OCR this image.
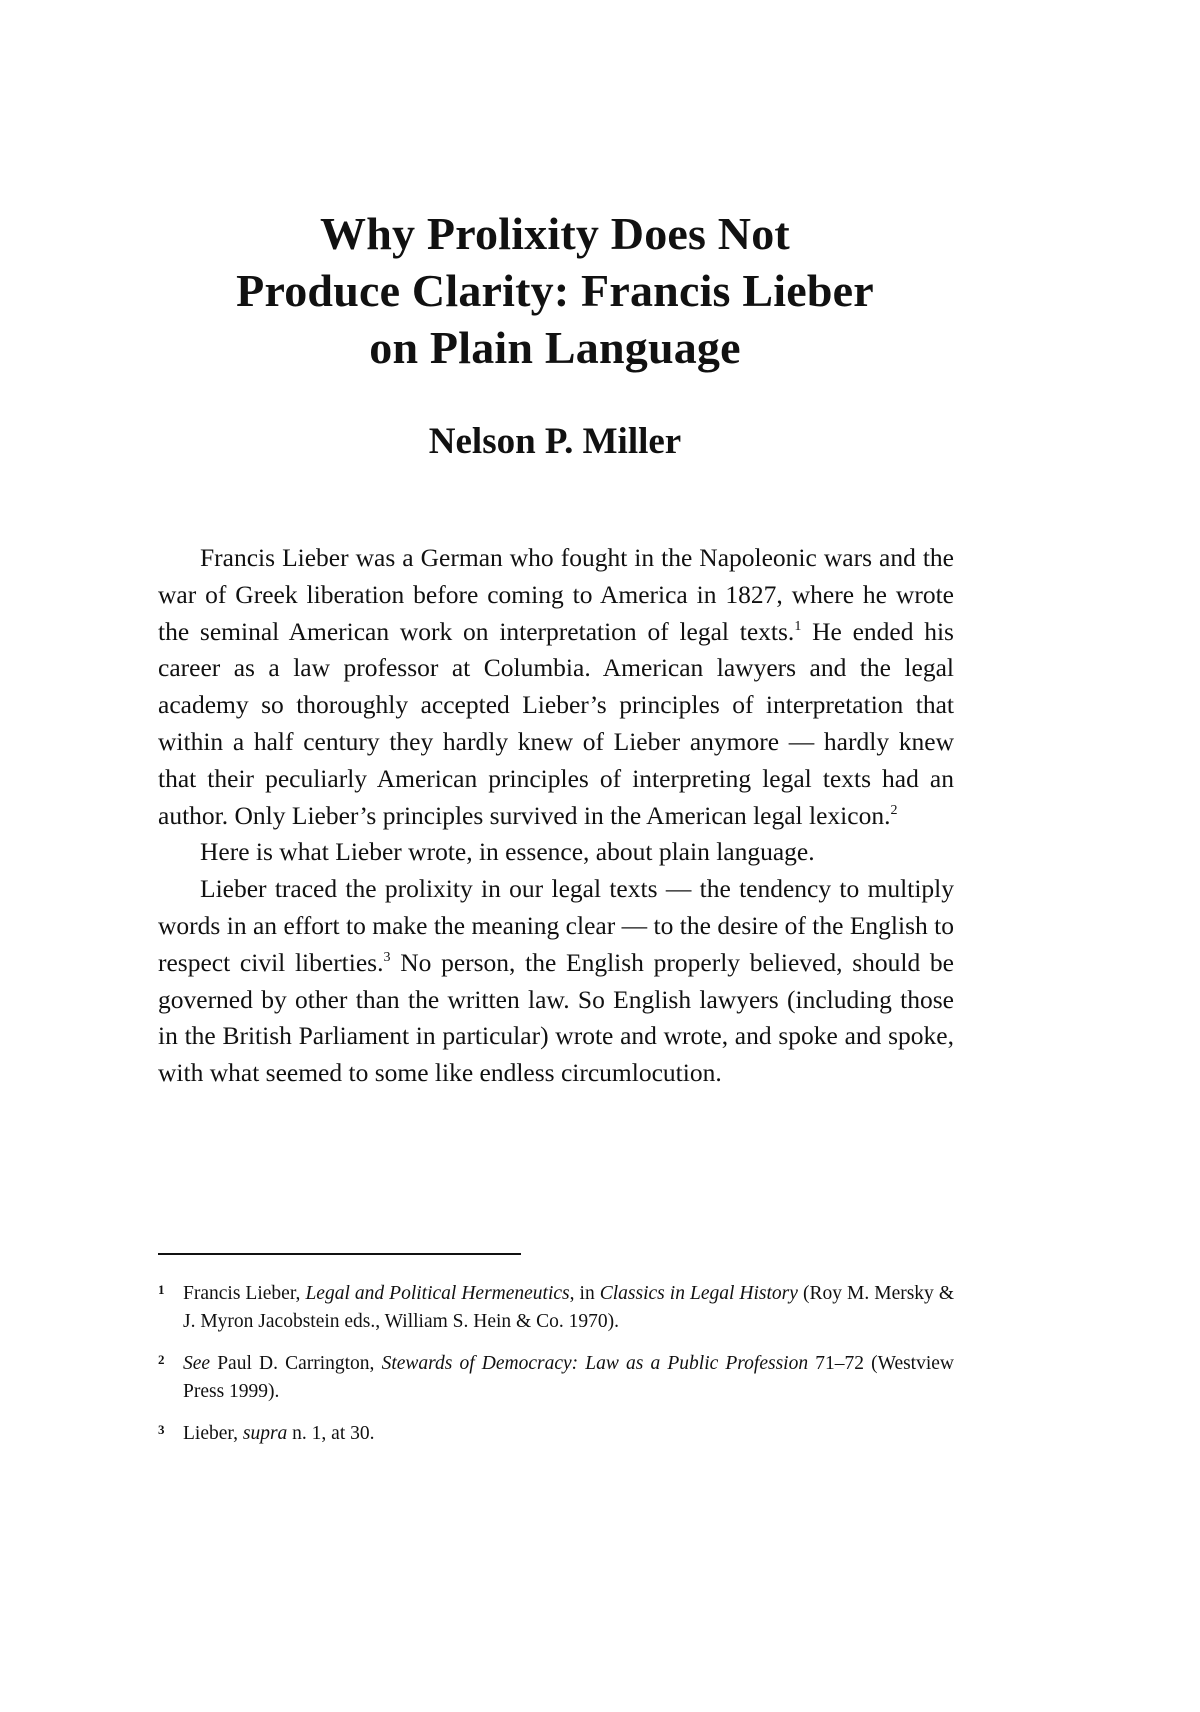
Why Prolixity Does Not
Produce Clarity: Francis Lieber
on Plain Language
Nelson P. Miller

Francis Lieber was a German who fought in the Napoleonic wars and the war of Greek liberation before coming to America in 1827, where he wrote the seminal American work on interpretation of legal texts.$^1$ He ended his career as a law professor at Columbia. American lawyers and the legal academy so thoroughly accepted Lieber’s principles of interpretation that within a half century they hardly knew of Lieber anymore — hardly knew that their peculiarly American principles of interpreting legal texts had an author. Only Lieber’s principles survived in the American legal lexicon.$^2$

Here is what Lieber wrote, in essence, about plain language.

Lieber traced the prolixity in our legal texts — the tendency to multiply words in an effort to make the meaning clear — to the desire of the English to respect civil liberties.$^3$ No person, the English properly believed, should be governed by other than the written law. So English lawyers (including those in the British Parliament in particular) wrote and wrote, and spoke and spoke, with what seemed to some like endless circumlocution.

1 Francis Lieber, Legal and Political Hermeneutics, in Classics in Legal History (Roy M. Mersky & J. Myron Jacobstein eds., William S. Hein & Co. 1970).
2 See Paul D. Carrington, Stewards of Democracy: Law as a Public Profession 71–72 (Westview Press 1999).
3 Lieber, supra n. 1, at 30.
